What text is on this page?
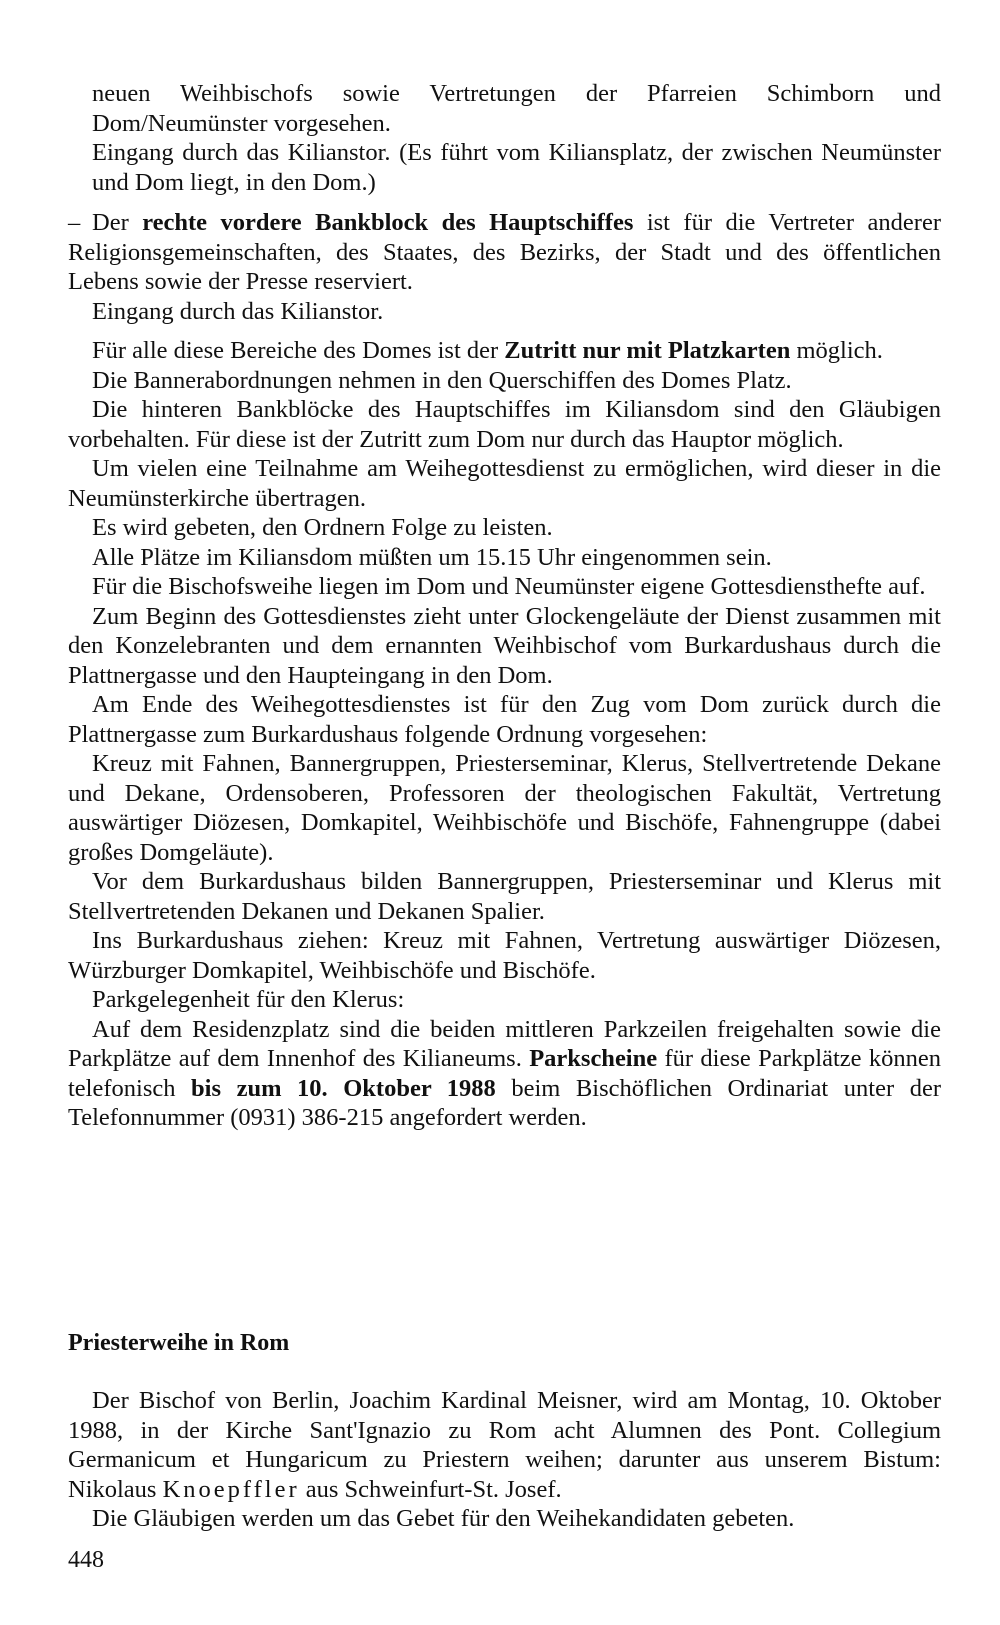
neuen Weihbischofs sowie Vertretungen der Pfarreien Schimborn und Dom/Neumünster vorgesehen.

Eingang durch das Kilianstor. (Es führt vom Kiliansplatz, der zwischen Neumünster und Dom liegt, in den Dom.)

– Der rechte vordere Bankblock des Hauptschiffes ist für die Vertreter anderer Religionsgemeinschaften, des Staates, des Bezirks, der Stadt und des öffentlichen Lebens sowie der Presse reserviert.

Eingang durch das Kilianstor.

Für alle diese Bereiche des Domes ist der Zutritt nur mit Platzkarten möglich.

Die Bannerabordnungen nehmen in den Querschiffen des Domes Platz.

Die hinteren Bankblöcke des Hauptschiffes im Kiliansdom sind den Gläubigen vorbehalten. Für diese ist der Zutritt zum Dom nur durch das Hauptor möglich.

Um vielen eine Teilnahme am Weihegottesdienst zu ermöglichen, wird dieser in die Neumünsterkirche übertragen.

Es wird gebeten, den Ordnern Folge zu leisten.

Alle Plätze im Kiliansdom müßten um 15.15 Uhr eingenommen sein.

Für die Bischofsweihe liegen im Dom und Neumünster eigene Gottesdiensthefte auf.

Zum Beginn des Gottesdienstes zieht unter Glockengeläute der Dienst zusammen mit den Konzelebranten und dem ernannten Weihbischof vom Burkardushaus durch die Plattnergasse und den Haupteingang in den Dom.

Am Ende des Weihegottesdienstes ist für den Zug vom Dom zurück durch die Plattnergasse zum Burkardushaus folgende Ordnung vorgesehen:

Kreuz mit Fahnen, Bannergruppen, Priesterseminar, Klerus, Stellvertretende Dekane und Dekane, Ordensoberen, Professoren der theologischen Fakultät, Vertretung auswärtiger Diözesen, Domkapitel, Weihbischöfe und Bischöfe, Fahnengruppe (dabei großes Domgeläute).

Vor dem Burkardushaus bilden Bannergruppen, Priesterseminar und Klerus mit Stellvertretenden Dekanen und Dekanen Spalier.

Ins Burkardushaus ziehen: Kreuz mit Fahnen, Vertretung auswärtiger Diözesen, Würzburger Domkapitel, Weihbischöfe und Bischöfe.

Parkgelegenheit für den Klerus:

Auf dem Residenzplatz sind die beiden mittleren Parkzeilen freigehalten sowie die Parkplätze auf dem Innenhof des Kilianeums. Parkscheine für diese Parkplätze können telefonisch bis zum 10. Oktober 1988 beim Bischöflichen Ordinariat unter der Telefonnummer (0931) 386-215 angefordert werden.

Priesterweihe in Rom

Der Bischof von Berlin, Joachim Kardinal Meisner, wird am Montag, 10. Oktober 1988, in der Kirche Sant'Ignazio zu Rom acht Alumnen des Pont. Collegium Germanicum et Hungaricum zu Priestern weihen; darunter aus unserem Bistum: Nikolaus Knoepffler aus Schweinfurt-St. Josef.

Die Gläubigen werden um das Gebet für den Weihekandidaten gebeten.

448
